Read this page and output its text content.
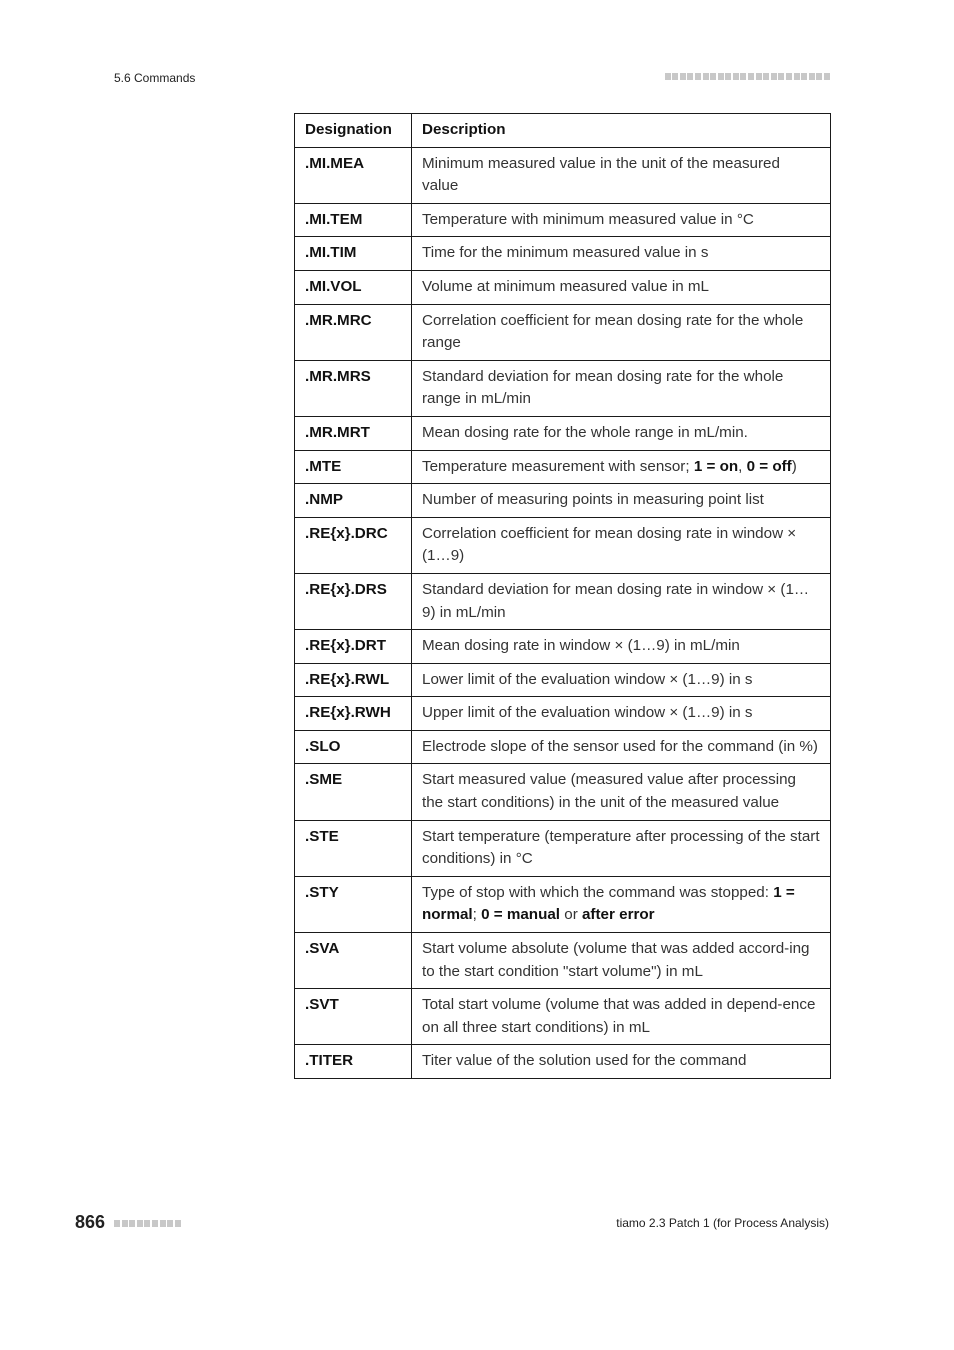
5.6 Commands
Designation	Description
.MI.MEA	Minimum measured value in the unit of the measured value
.MI.TEM	Temperature with minimum measured value in °C
.MI.TIM	Time for the minimum measured value in s
.MI.VOL	Volume at minimum measured value in mL
.MR.MRC	Correlation coefficient for mean dosing rate for the whole range
.MR.MRS	Standard deviation for mean dosing rate for the whole range in mL/min
.MR.MRT	Mean dosing rate for the whole range in mL/min.
.MTE	Temperature measurement with sensor; 1 = on, 0 = off)
.NMP	Number of measuring points in measuring point list
.RE{x}.DRC	Correlation coefficient for mean dosing rate in window × (1…9)
.RE{x}.DRS	Standard deviation for mean dosing rate in window × (1…9) in mL/min
.RE{x}.DRT	Mean dosing rate in window × (1…9) in mL/min
.RE{x}.RWL	Lower limit of the evaluation window × (1…9) in s
.RE{x}.RWH	Upper limit of the evaluation window × (1…9) in s
.SLO	Electrode slope of the sensor used for the command (in %)
.SME	Start measured value (measured value after processing the start conditions) in the unit of the measured value
.STE	Start temperature (temperature after processing of the start conditions) in °C
.STY	Type of stop with which the command was stopped: 1 = normal; 0 = manual or after error
.SVA	Start volume absolute (volume that was added accord-ing to the start condition "start volume") in mL
.SVT	Total start volume (volume that was added in depend-ence on all three start conditions) in mL
.TITER	Titer value of the solution used for the command
866	tiamo 2.3 Patch 1 (for Process Analysis)
